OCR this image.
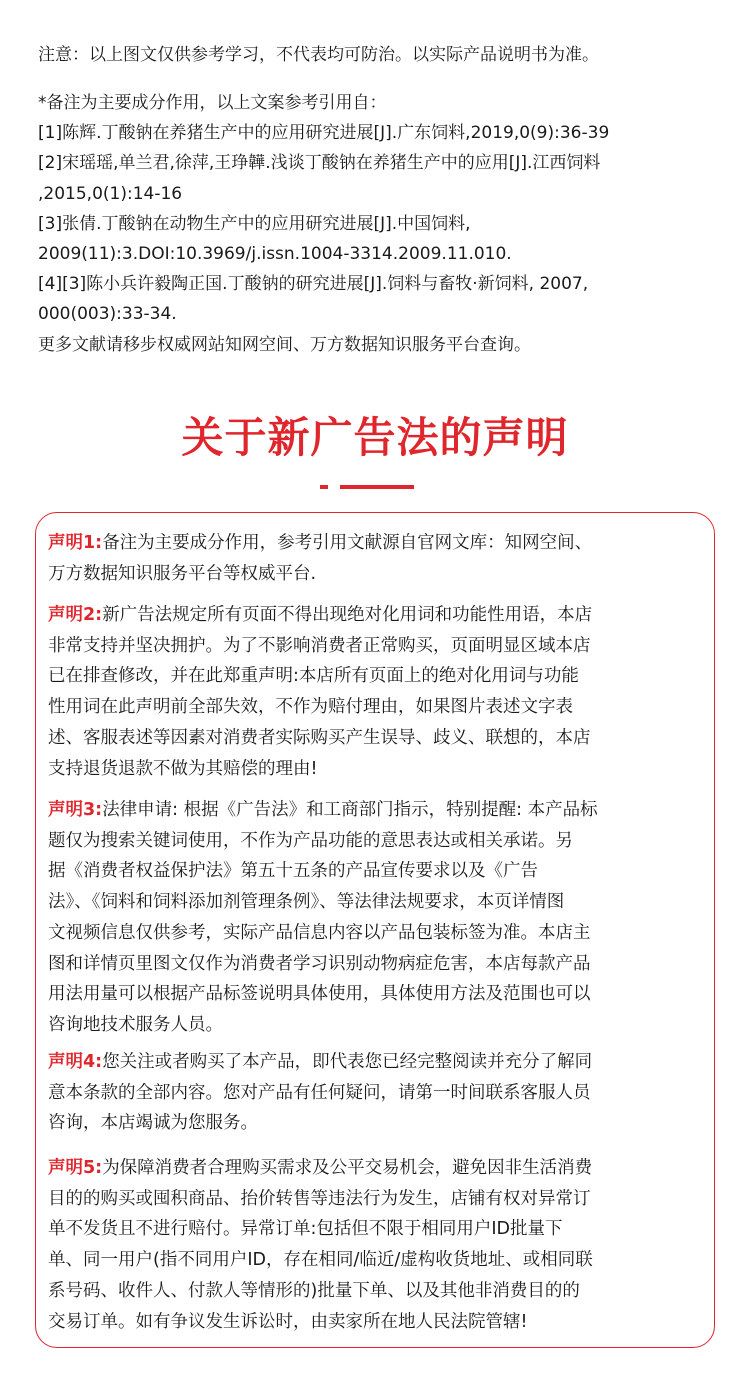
注意：以上图文仅供参考学习，不代表均可防治。以实际产品说明书为准。
*备注为主要成分作用，以上文案参考引用自：
[1]陈辉.丁酸钠在养猪生产中的应用研究进展[J].广东饲料,2019,0(9):36-39
[2]宋瑶瑶,单兰君,徐萍,王琤韡.浅谈丁酸钠在养猪生产中的应用[J].江西饲料
,2015,0(1):14-16
[3]张倩.丁酸钠在动物生产中的应用研究进展[J].中国饲料,
2009(11):3.DOI:10.3969/j.issn.1004-3314.2009.11.010.
[4][3]陈小兵许毅陶正国.丁酸钠的研究进展[J].饲料与畜牧·新饲料, 2007,
000(003):33-34.
更多文献请移步权威网站知网空间、万方数据知识服务平台查询。
关于新广告法的声明
声明1:备注为主要成分作用，参考引用文献源自官网文库：知网空间、
万方数据知识服务平台等权威平台.
声明2:新广告法规定所有页面不得出现绝对化用词和功能性用语，本店
非常支持并坚决拥护。为了不影响消费者正常购买，页面明显区域本店
已在排查修改，并在此郑重声明:本店所有页面上的绝对化用词与功能
性用词在此声明前全部失效，不作为赔付理由，如果图片表述文字表
述、客服表述等因素对消费者实际购买产生误导、歧义、联想的，本店
支持退货退款不做为其赔偿的理由!
声明3:法律申请: 根据《广告法》和工商部门指示，特别提醒: 本产品标
题仅为搜索关键词使用，不作为产品功能的意思表达或相关承诺。另
据《消费者权益保护法》第五十五条的产品宣传要求以及《广告
法》、《饲料和饲料添加剂管理条例》、等法律法规要求，本页详情图
文视频信息仅供参考，实际产品信息内容以产品包装标签为准。本店主
图和详情页里图文仅作为消费者学习识别动物病症危害，本店每款产品
用法用量可以根据产品标签说明具体使用，具体使用方法及范围也可以
咨询地技术服务人员。
声明4:您关注或者购买了本产品，即代表您已经完整阅读并充分了解同
意本条款的全部内容。您对产品有任何疑问，请第一时间联系客服人员
咨询，本店竭诚为您服务。
声明5:为保障消费者合理购买需求及公平交易机会，避免因非生活消费
目的的购买或囤积商品、抬价转售等违法行为发生，店铺有权对异常订
单不发货且不进行赔付。异常订单:包括但不限于相同用户ID批量下
单、同一用户(指不同用户ID，存在相同/临近/虚构收货地址、或相同联
系号码、收件人、付款人等情形的)批量下单、以及其他非消费目的的
交易订单。如有争议发生诉讼时，由卖家所在地人民法院管辖!
